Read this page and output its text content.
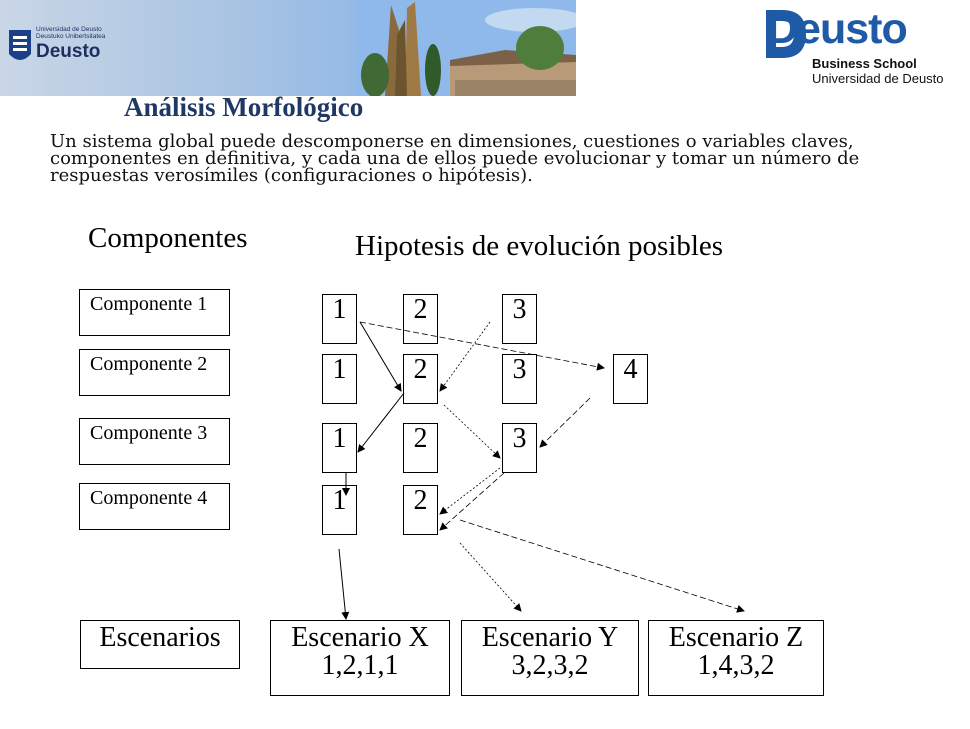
Universidad de Deusto
Deustuko Unibertsitatea
Deusto	Deusto
Business School
Universidad de Deusto
Análisis Morfológico

Un sistema global puede descomponerse en dimensiones, cuestiones o variables claves, componentes en definitiva, y cada una de ellos puede evolucionar y tomar un número de respuestas verosímiles (configuraciones o hipótesis).

Componentes	Hipotesis de evolución posibles
Componente 1
Componente 2
Componente 3
Componente 4
1	2	3
1	2	3	4
1	2	3
1	2
Escenarios	Escenario X
1,2,1,1
Escenario Y
3,2,3,2
Escenario Z
1,4,3,2
